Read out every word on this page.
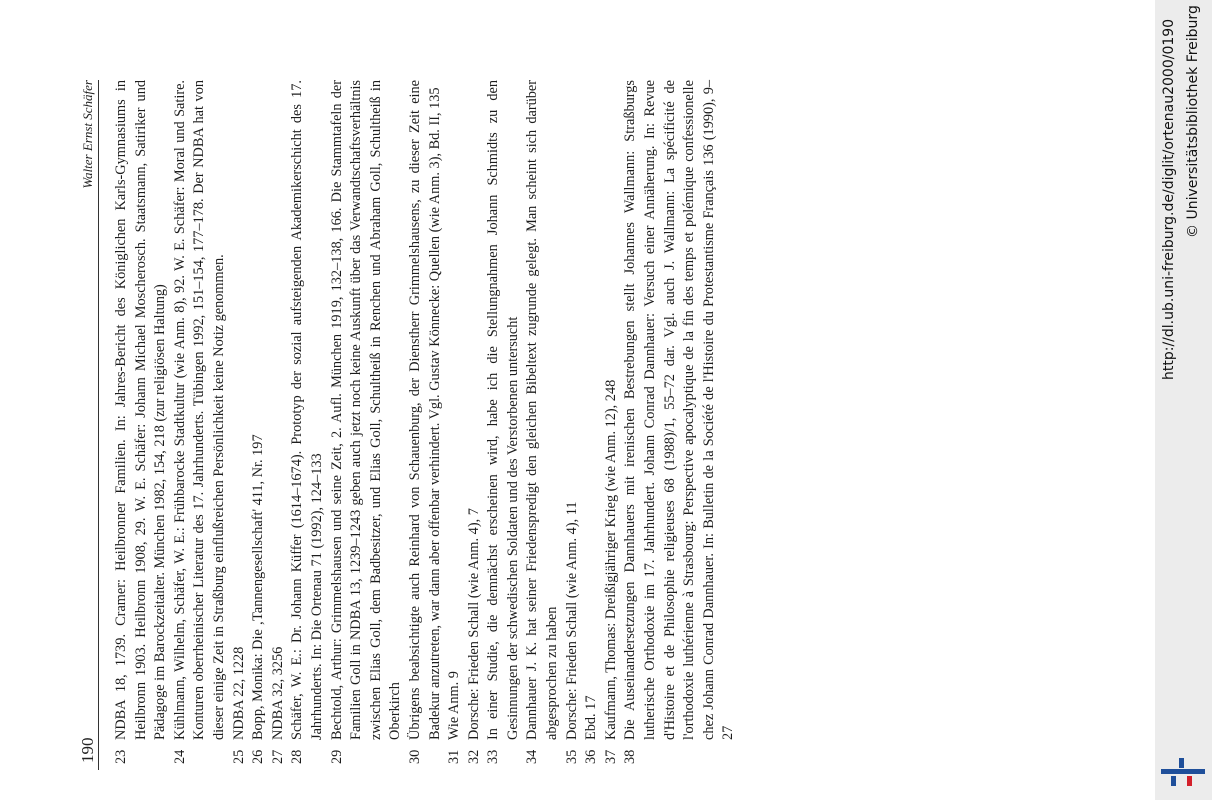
190
Walter Ernst Schäfer
23
NDBA 18, 1739. Cramer: Heilbronner Familien. In: Jahres-Bericht des Königlichen Karls-Gymnasiums in Heilbronn 1903. Heilbronn 1908, 29. W. E. Schäfer: Johann Michael Moscherosch. Staatsmann, Satiriker und Pädagoge im Barockzeitalter. München 1982, 154, 218 (zur religiösen Haltung)
24
Kühlmann, Wilhelm, Schäfer, W. E.: Frühbarocke Stadtkultur (wie Anm. 8), 92. W. E. Schäfer: Moral und Satire. Konturen oberrheinischer Literatur des 17. Jahrhunderts. Tübingen 1992, 151–154, 177–178. Der NDBA hat von dieser einige Zeit in Straßburg einflußreichen Persönlichkeit keine Notiz genommen.
25
NDBA 22, 1228
26
Bopp, Monika: Die ‚Tannengesellschaft' 411, Nr. 197
27
NDBA 32, 3256
28
Schäfer, W. E.: Dr. Johann Küffer (1614–1674). Prototyp der sozial aufsteigenden Akademikerschicht des 17. Jahrhunderts. In: Die Ortenau 71 (1992), 124–133
29
Bechtold, Arthur: Grimmelshausen und seine Zeit, 2. Aufl. München 1919, 132–138, 166. Die Stammtafeln der Familien Goll in NDBA 13, 1239–1243 geben auch jetzt noch keine Auskunft über das Verwandtschaftsverhältnis zwischen Elias Goll, dem Badbesitzer, und Elias Goll, Schultheiß in Renchen und Abraham Goll, Schultheiß in Oberkirch
30
Übrigens beabsichtigte auch Reinhard von Schauenburg, der Dienstherr Grimmelshausens, zu dieser Zeit eine Badekur anzutreten, war dann aber offenbar verhindert. Vgl. Gustav Könnecke: Quellen (wie Anm. 3), Bd. II, 135
31
Wie Anm. 9
32
Dorsche: Frieden Schall (wie Anm. 4), 7
33
In einer Studie, die demnächst erscheinen wird, habe ich die Stellungnahmen Johann Schmidts zu den Gesinnungen der schwedischen Soldaten und des Verstorbenen untersucht
34
Dannhauer J. K. hat seiner Friedenspredigt den gleichen Bibeltext zugrunde gelegt. Man scheint sich darüber abgesprochen zu haben
35
Dorsche: Frieden Schall (wie Anm. 4), 11
36
Ebd. 17
37
Kaufmann, Thomas: Dreißigjähriger Krieg (wie Anm. 12), 248
38
Die Auseinandersetzungen Dannhauers mit irenischen Bestrebungen stellt Johannes Wallmann: Straßburgs lutherische Orthodoxie im 17. Jahrhundert. Johann Conrad Dannhauer: Versuch einer Annäherung. In: Revue d'Histoire et de Philosophie religieuses 68 (1988)/1, 55–72 dar. Vgl. auch J. Wallmann: La spécificité de l'orthodoxie luthérienne à Strasbourg: Perspective apocalyptique de la fin des temps et polémique confessionelle chez Johann Conrad Dannhauer. In: Bulletin de la Société de l'Histoire du Protestantisme Français 136 (1990), 9–27
http://dl.ub.uni-freiburg.de/diglit/ortenau2000/0190 © Universitätsbibliothek Freiburg
